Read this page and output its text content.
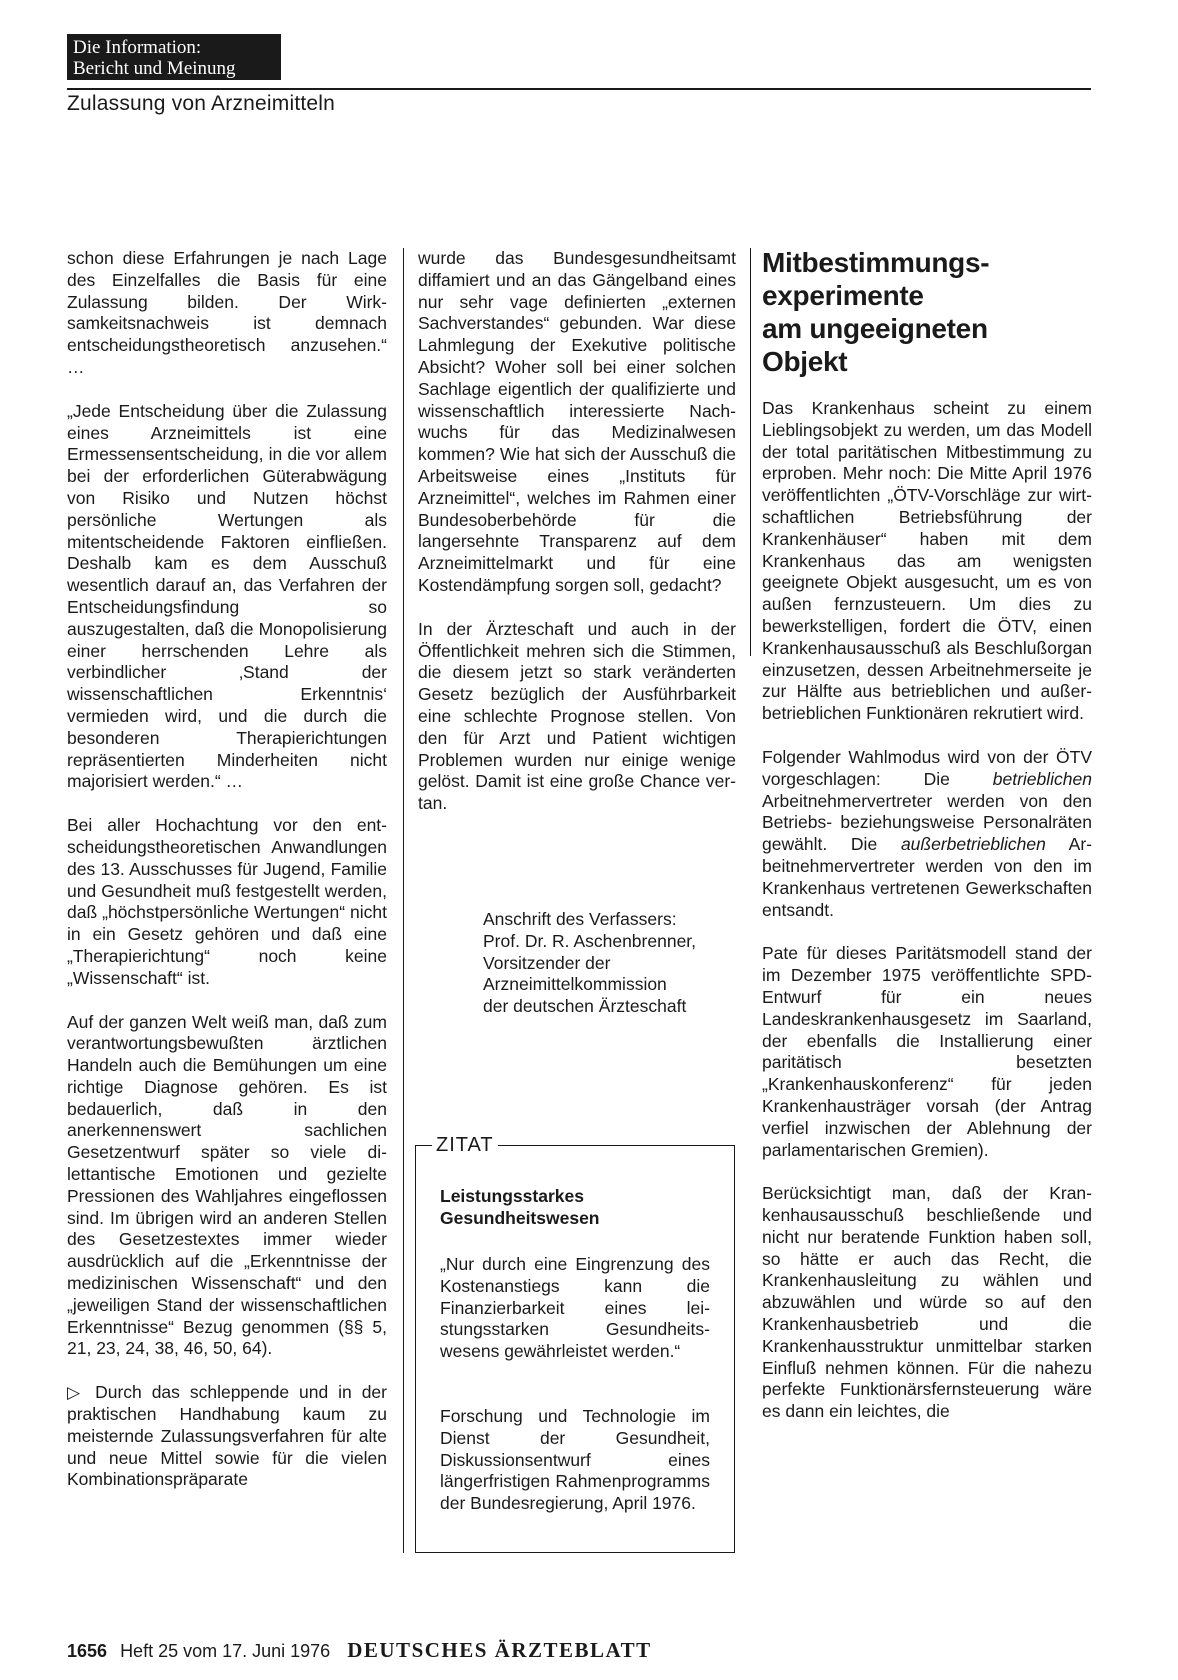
Die Information:
Bericht und Meinung
Zulassung von Arzneimitteln

schon diese Erfahrungen je nach Lage des Einzelfalles die Basis für eine Zulassung bilden. Der Wirksamkeitsnachweis ist demnach entscheidungstheoretisch anzusehen.“ …

„Jede Entscheidung über die Zulassung eines Arzneimittels ist eine Ermessensentscheidung, in die vor allem bei der erforderlichen Güterabwägung von Risiko und Nutzen höchst persönliche Wertungen als mitentscheidende Faktoren einfließen. Deshalb kam es dem Ausschuß wesentlich darauf an, das Verfahren der Entscheidungsfindung so auszugestalten, daß die Monopolisierung einer herrschenden Lehre als verbindlicher ‚Stand der wissenschaftlichen Erkenntnis‘ vermieden wird, und die durch die besonderen Therapierichtungen repräsentierten Minderheiten nicht majorisiert werden.“ …

Bei aller Hochachtung vor den entscheidungstheoretischen Anwandlungen des 13. Ausschusses für Jugend, Familie und Gesundheit muß festgestellt werden, daß „höchstpersönliche Wertungen“ nicht in ein Gesetz gehören und daß eine „Therapierichtung“ noch keine „Wissenschaft“ ist.

Auf der ganzen Welt weiß man, daß zum verantwortungsbewußten ärztlichen Handeln auch die Bemühungen um eine richtige Diagnose gehören. Es ist bedauerlich, daß in den anerkennenswert sachlichen Gesetzentwurf später so viele dilettantische Emotionen und gezielte Pressionen des Wahljahres eingeflossen sind. Im übrigen wird an anderen Stellen des Gesetzestextes immer wieder ausdrücklich auf die „Erkenntnisse der medizinischen Wissenschaft“ und den „jeweiligen Stand der wissenschaftlichen Erkenntnisse“ Bezug genommen (§§ 5, 21, 23, 24, 38, 46, 50, 64).

▷ Durch das schleppende und in der praktischen Handhabung kaum zu meisternde Zulassungsverfahren für alte und neue Mittel sowie für die vielen Kombinationspräparate

wurde das Bundesgesundheitsamt diffamiert und an das Gängelband eines nur sehr vage definierten „externen Sachverstandes“ gebunden. War diese Lahmlegung der Exekutive politische Absicht? Woher soll bei einer solchen Sachlage eigentlich der qualifizierte und wissenschaftlich interessierte Nachwuchs für das Medizinalwesen kommen? Wie hat sich der Ausschuß die Arbeitsweise eines „Instituts für Arzneimittel“, welches im Rahmen einer Bundesoberbehörde für die langersehnte Transparenz auf dem Arzneimittelmarkt und für eine Kostendämpfung sorgen soll, gedacht?

In der Ärzteschaft und auch in der Öffentlichkeit mehren sich die Stimmen, die diesem jetzt so stark veränderten Gesetz bezüglich der Ausführbarkeit eine schlechte Prognose stellen. Von den für Arzt und Patient wichtigen Problemen wurden nur einige wenige gelöst. Damit ist eine große Chance vertan.

Anschrift des Verfassers:
Prof. Dr. R. Aschenbrenner,
Vorsitzender der
Arzneimittelkommission
der deutschen Ärzteschaft
ZITAT
Leistungsstarkes
Gesundheitswesen
„Nur durch eine Eingrenzung des Kostenanstiegs kann die Finanzierbarkeit eines leistungsstarken Gesundheitswesens gewährleistet werden.“
Forschung und Technologie im Dienst der Gesundheit, Diskussionsentwurf eines längerfristigen Rahmenprogramms der Bundesregierung, April 1976.
Mitbestimmungs-
experimente
am ungeeigneten
Objekt

Das Krankenhaus scheint zu einem Lieblingsobjekt zu werden, um das Modell der total paritätischen Mitbestimmung zu erproben. Mehr noch: Die Mitte April 1976 veröffentlichten „ÖTV-Vorschläge zur wirtschaftlichen Betriebsführung der Krankenhäuser“ haben mit dem Krankenhaus das am wenigsten geeignete Objekt ausgesucht, um es von außen fernzusteuern. Um dies zu bewerkstelligen, fordert die ÖTV, einen Krankenhausausschuß als Beschlußorgan einzusetzen, dessen Arbeitnehmerseite je zur Hälfte aus betrieblichen und außerbetrieblichen Funktionären rekrutiert wird.

Folgender Wahlmodus wird von der ÖTV vorgeschlagen: Die betrieblichen Arbeitnehmervertreter werden von den Betriebs- beziehungsweise Personalräten gewählt. Die außerbetrieblichen Arbeitnehmervertreter werden von den im Krankenhaus vertretenen Gewerkschaften entsandt.

Pate für dieses Paritätsmodell stand der im Dezember 1975 veröffentlichte SPD-Entwurf für ein neues Landeskrankenhausgesetz im Saarland, der ebenfalls die Installierung einer paritätisch besetzten „Krankenhauskonferenz“ für jeden Krankenhausträger vorsah (der Antrag verfiel inzwischen der Ablehnung der parlamentarischen Gremien).

Berücksichtigt man, daß der Krankenhausausschuß beschließende und nicht nur beratende Funktion haben soll, so hätte er auch das Recht, die Krankenhausleitung zu wählen und abzuwählen und würde so auf den Krankenhausbetrieb und die Krankenhausstruktur unmittelbar starken Einfluß nehmen können. Für die nahezu perfekte Funktionärsfernsteuerung wäre es dann ein leichtes, die

1656 Heft 25 vom 17. Juni 1976 DEUTSCHES ÄRZTEBLATT
